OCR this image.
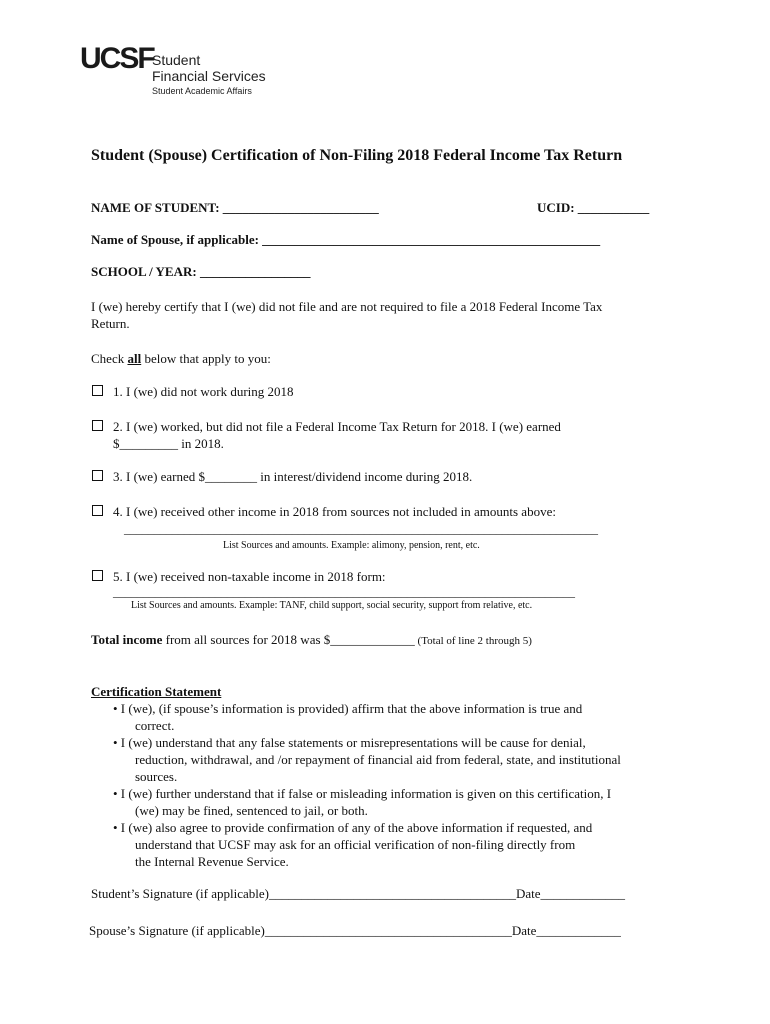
UCSF
Student
Financial Services
Student Academic Affairs
Student (Spouse) Certification of Non-Filing 2018 Federal Income Tax Return
NAME OF STUDENT: ________________________	UCID: ___________
Name of Spouse, if applicable: ____________________________________________________
SCHOOL / YEAR: _________________
I (we) hereby certify that I (we) did not file and are not required to file a 2018 Federal Income Tax
Return.
Check all below that apply to you:
1. I (we) did not work during 2018
2. I (we) worked, but did not file a Federal Income Tax Return for 2018. I (we) earned
$_________ in 2018.
3. I (we) earned $________ in interest/dividend income during 2018.
4. I (we) received other income in 2018 from sources not included in amounts above:
_______________________________________________________________________________
List Sources and amounts. Example: alimony, pension, rent, etc.
5. I (we) received non-taxable income in 2018 form:
_____________________________________________________________________________
List Sources and amounts. Example: TANF, child support, social security, support from relative, etc.
Total income from all sources for 2018 was $_____________ (Total of line 2 through 5)
Certification Statement
• I (we), (if spouse’s information is provided) affirm that the above information is true and
correct.
• I (we) understand that any false statements or misrepresentations will be cause for denial,
reduction, withdrawal, and /or repayment of financial aid from federal, state, and institutional
sources.
• I (we) further understand that if false or misleading information is given on this certification, I
(we) may be fined, sentenced to jail, or both.
• I (we) also agree to provide confirmation of any of the above information if requested, and
understand that UCSF may ask for an official verification of non-filing directly from
the Internal Revenue Service.
Student’s Signature (if applicable)______________________________________Date_____________
Spouse’s Signature (if applicable)______________________________________Date_____________
